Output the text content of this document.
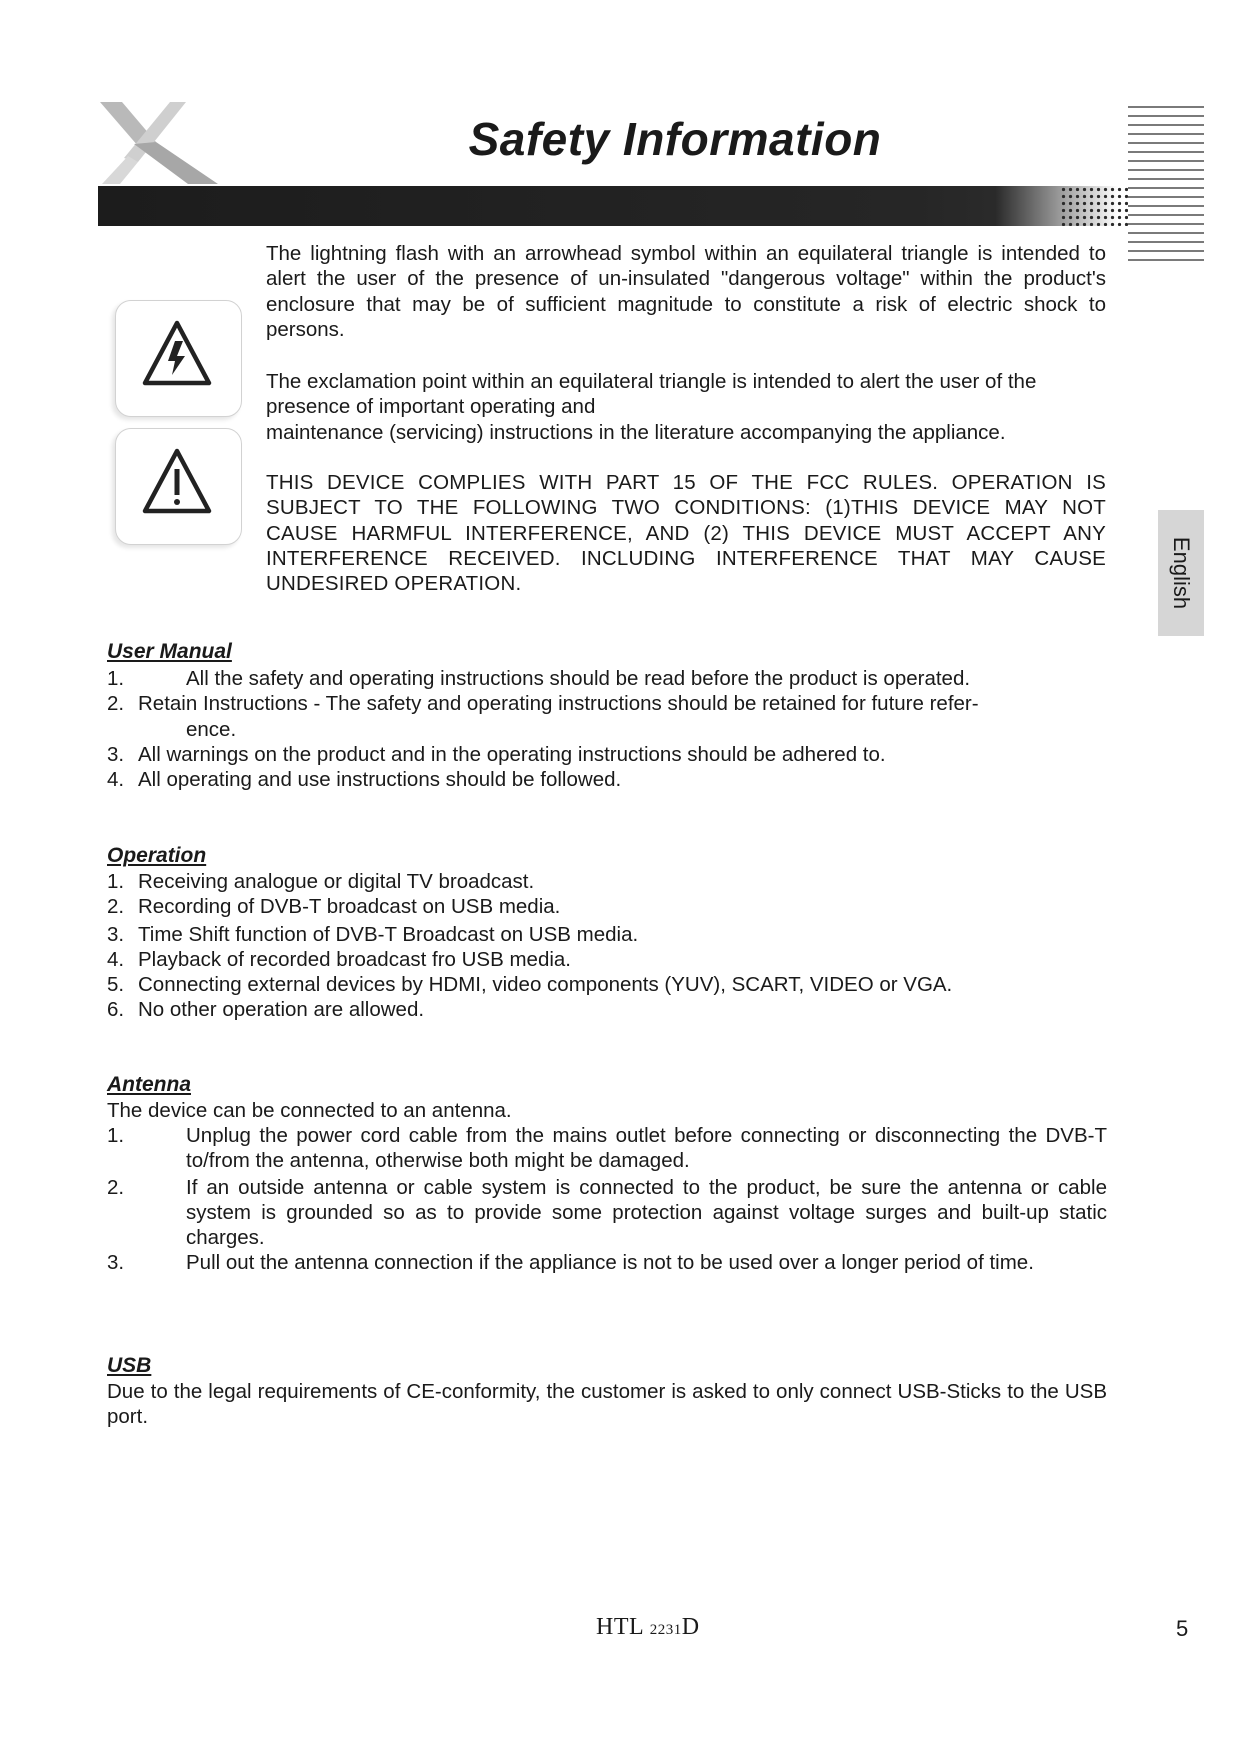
Safety Information
English

The lightning flash with an arrowhead symbol within an equilateral triangle is intended to alert the user of the presence of un-insulated "dangerous voltage" within the product's enclosure that may be of sufficient magnitude to constitute a risk of electric shock to persons.

The exclamation point within an equilateral triangle is intended to alert the user of the presence of important operating and
maintenance (servicing) instructions in the literature accompanying the appliance.

THIS DEVICE COMPLIES WITH PART 15 OF THE FCC RULES. OPERATION IS SUBJECT TO THE FOLLOWING TWO CONDITIONS: (1)THIS DEVICE MAY NOT CAUSE HARMFUL INTERFERENCE, AND (2) THIS DEVICE MUST ACCEPT ANY INTERFERENCE RECEIVED. INCLUDING INTERFERENCE THAT MAY CAUSE UNDESIRED OPERATION.

User Manual
1.	All the safety and operating instructions should be read before the product is operated.
2. Retain Instructions - The safety and operating instructions should be retained for future refer-
ence.
3. All warnings on the product and in the operating instructions should be adhered to.
4. All operating and use instructions should be followed.
Operation
1. Receiving analogue or digital TV broadcast.
2. Recording of DVB-T broadcast on USB media.
3. Time Shift function of DVB-T Broadcast on USB media.
4. Playback of recorded broadcast fro USB media.
5. Connecting external devices by HDMI, video components (YUV), SCART, VIDEO or VGA.
6. No other operation are allowed.
Antenna

The device can be connected to an antenna.

1.	Unplug the power cord cable from the mains outlet before connecting or disconnecting the DVB-T to/from the antenna, otherwise both might be damaged.
2.	If an outside antenna or cable system is connected to the product, be sure the antenna or cable system is grounded so as to provide some protection against voltage surges and built-up static charges.
3.	Pull out the antenna connection if the appliance is not to be used over a longer period of time.
USB

Due to the legal requirements of CE-conformity, the customer is asked to only connect USB-Sticks to the USB port.

HTL 2231D	5
